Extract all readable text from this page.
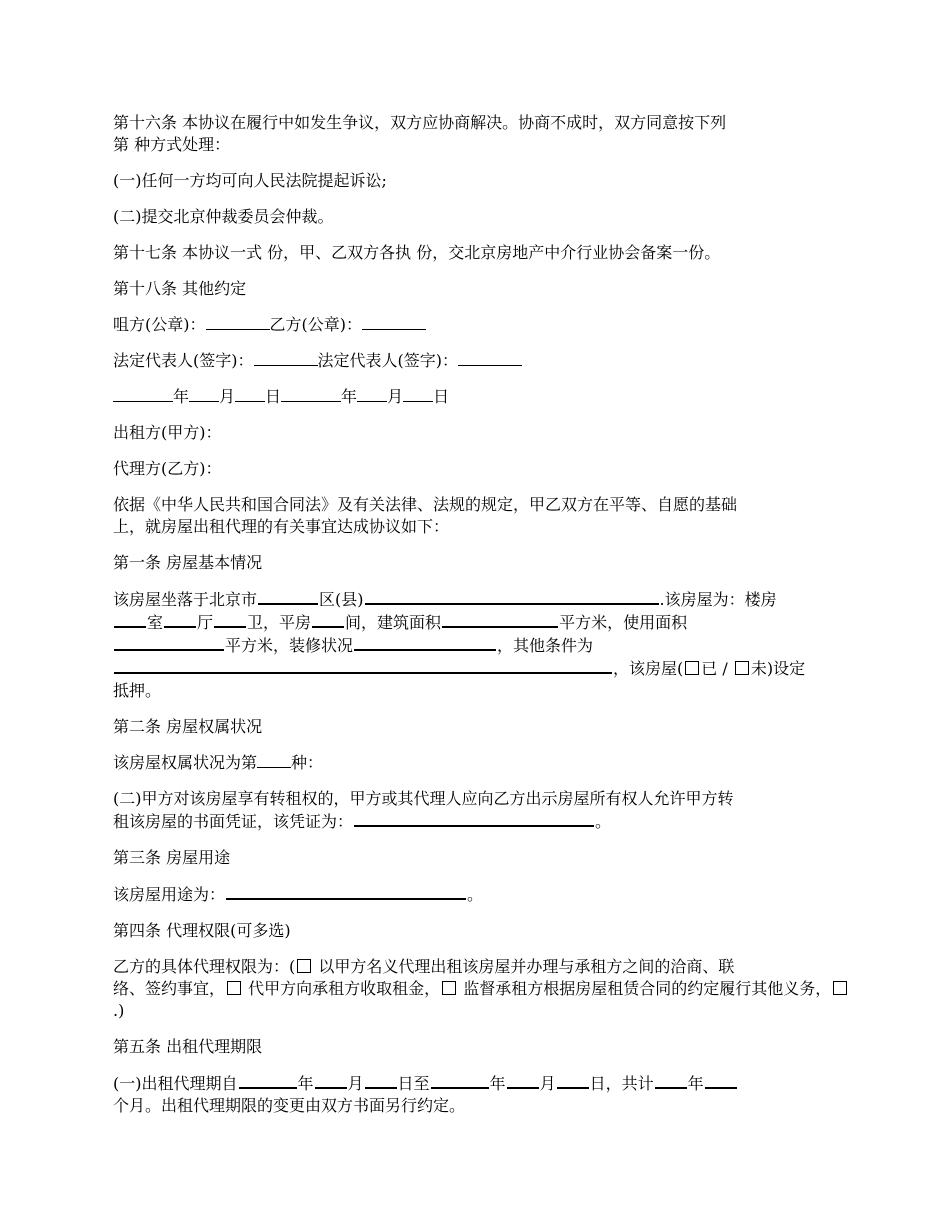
第十六条 本协议在履行中如发生争议，双方应协商解决。协商不成时，双方同意按下列
第 种方式处理：
(一)任何一方均可向人民法院提起诉讼;
(二)提交北京仲裁委员会仲裁。
第十七条 本协议一式 份，甲、乙双方各执 份，交北京房地产中介行业协会备案一份。
第十八条 其他约定
咀方(公章)：	乙方(公章)：
法定代表人(签字)：	法定代表人(签字)：
年 月 日	年 月 日
出租方(甲方)：
代理方(乙方)：
依据《中华人民共和国合同法》及有关法律、法规的规定，甲乙双方在平等、自愿的基础
上，就房屋出租代理的有关事宜达成协议如下：
第一条 房屋基本情况
该房屋坐落于北京市	区(县)	.该房屋为：楼房
室 厅 卫，平房 间，建筑面积	平方米，使用面积
平方米，装修状况	，其他条件为
，该房屋( 已 / 未)设定
抵押。
第二条 房屋权属状况
该房屋权属状况为第 种：
(二)甲方对该房屋享有转租权的，甲方或其代理人应向乙方出示房屋所有权人允许甲方转
租该房屋的书面凭证，该凭证为：	。
第三条 房屋用途
该房屋用途为：	。
第四条 代理权限(可多选)
乙方的具体代理权限为：( 以甲方名义代理出租该房屋并办理与承租方之间的洽商、联
络、签约事宜， 代甲方向承租方收取租金， 监督承租方根据房屋租赁合同的约定履行其他义务，
.)
第五条 出租代理期限
(一)出租代理期自	年 月 日至	年 月 日，共计 年
个月。出租代理期限的变更由双方书面另行约定。
